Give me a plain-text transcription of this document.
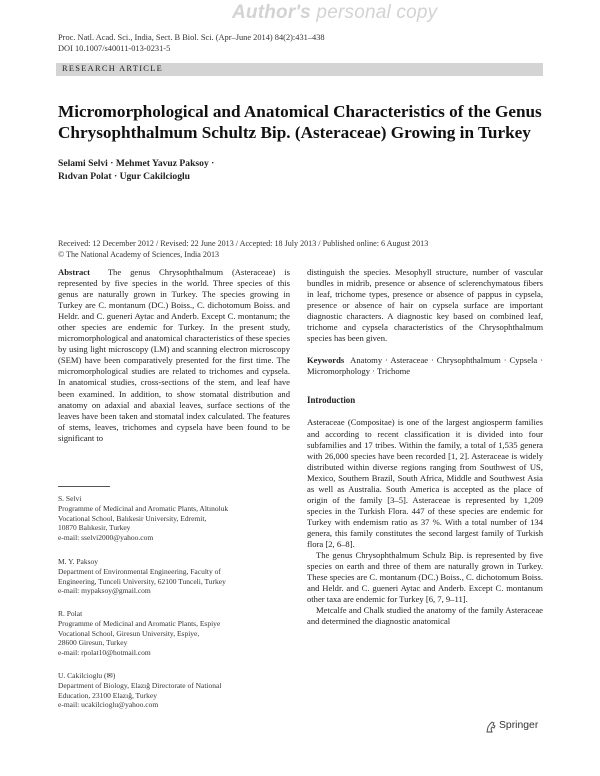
Author's personal copy
Proc. Natl. Acad. Sci., India, Sect. B Biol. Sci. (Apr–June 2014) 84(2):431–438
DOI 10.1007/s40011-013-0231-5
RESEARCH ARTICLE
Micromorphological and Anatomical Characteristics of the Genus Chrysophthalmum Schultz Bip. (Asteraceae) Growing in Turkey
Selami Selvi · Mehmet Yavuz Paksoy ·
Rıdvan Polat · Ugur Cakilcioglu
Received: 12 December 2012 / Revised: 22 June 2013 / Accepted: 18 July 2013 / Published online: 6 August 2013
© The National Academy of Sciences, India 2013

Abstract The genus Chrysophthalmum (Asteraceae) is represented by five species in the world. Three species of this genus are naturally grown in Turkey. The species growing in Turkey are C. montanum (DC.) Boiss., C. dichotomum Boiss. and Heldr. and C. gueneri Aytac and Anderb. Except C. montanum; the other species are endemic for Turkey. In the present study, micromorphological and anatomical characteristics of these species by using light microscopy (LM) and scanning electron microscopy (SEM) have been comparatively presented for the first time. The micromorphological studies are related to trichomes and cypsela. In anatomical studies, cross-sections of the stem, and leaf have been examined. In addition, to show stomatal distribution and anatomy on adaxial and abaxial leaves, surface sections of the leaves have been taken and stomatal index calculated. The features of stems, leaves, trichomes and cypsela have been found to be significant to

S. Selvi

Programme of Medicinal and Aromatic Plants, Altınoluk

Vocational School, Balıkesir University, Edremit,

10870 Balıkesir, Turkey

e-mail: sselvi2000@yahoo.com

M. Y. Paksoy

Department of Environmental Engineering, Faculty of

Engineering, Tunceli University, 62100 Tunceli, Turkey

e-mail: mypaksoy@gmail.com

R. Polat

Programme of Medicinal and Aromatic Plants, Espiye

Vocational School, Giresun University, Espiye,

28600 Giresun, Turkey

e-mail: rpolat10@hotmail.com

U. Cakilcioglu (✉)

Department of Biology, Elazığ Directorate of National

Education, 23100 Elazığ, Turkey

e-mail: ucakilcioglu@yahoo.com

distinguish the species. Mesophyll structure, number of vascular bundles in midrib, presence or absence of sclerenchymatous fibers in leaf, trichome types, presence or absence of pappus in cypsela, presence or absence of hair on cypsela surface are important diagnostic characters. A diagnostic key based on combined leaf, trichome and cypsela characteristics of the Chrysophthalmum species has been given.

Keywords Anatomy · Asteraceae · Chrysophthalmum · Cypsela · Micromorphology · Trichome

Introduction

Asteraceae (Compositae) is one of the largest angiosperm families and according to recent classification it is divided into four subfamilies and 17 tribes. Within the family, a total of 1,535 genera with 26,000 species have been recorded [1, 2]. Asteraceae is widely distributed within diverse regions ranging from Southwest of US, Mexico, Southern Brazil, South Africa, Middle and Southwest Asia as well as Australia. South America is accepted as the place of origin of the family [3–5]. Asteraceae is represented by 1,209 species in the Turkish Flora. 447 of these species are endemic for Turkey with endemism ratio as 37 %. With a total number of 134 genera, this family constitutes the second largest family of Turkish flora [2, 6–8].

The genus Chrysophthalmum Schulz Bip. is represented by five species on earth and three of them are naturally grown in Turkey. These species are C. montanum (DC.) Boiss., C. dichotomum Boiss. and Heldr. and C. gueneri Aytac and Anderb. Except C. montanum other taxa are endemic for Turkey [6, 7, 9–11].

Metcalfe and Chalk studied the anatomy of the family Asteraceae and determined the diagnostic anatomical

Springer
